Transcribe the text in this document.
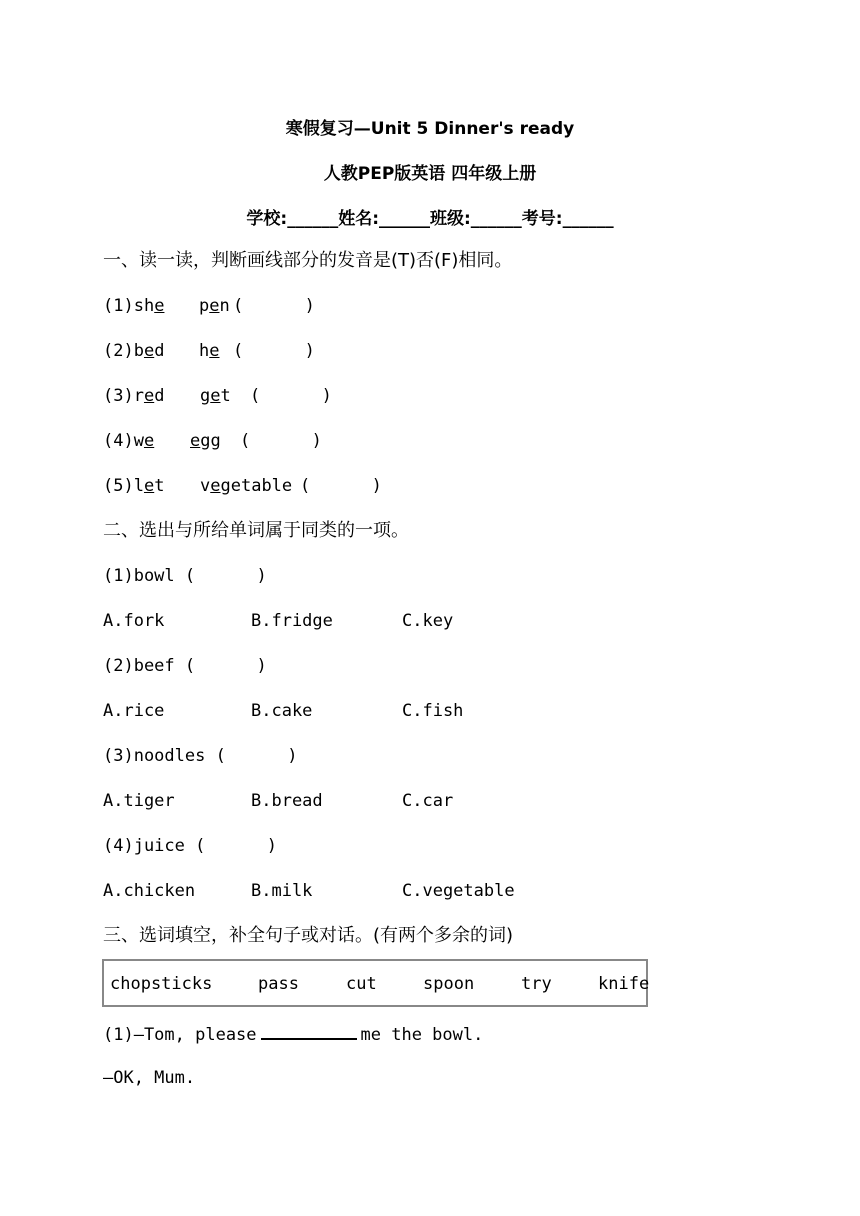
寒假复习—Unit 5 Dinner's ready
人教PEP版英语 四年级上册
学校:______姓名:______班级:______考号:______
一、读一读，判断画线部分的发音是(T)否(F)相同。
(1)she pen (      )
(2)bed he (      )
(3)red get (      )
(4)we egg (      )
(5)let vegetable (      )
二、选出与所给单词属于同类的一项。
(1)bowl (      )
A.fork	B.fridge	C.key
(2)beef (      )
A.rice	B.cake	C.fish
(3)noodles (      )
A.tiger	B.bread	C.car
(4)juice (      )
A.chicken	B.milk	C.vegetable
三、选词填空，补全句子或对话。(有两个多余的词)
chopsticks	pass	cut	spoon	try	knife
(1)—Tom, please	me the bowl.
—OK, Mum.
